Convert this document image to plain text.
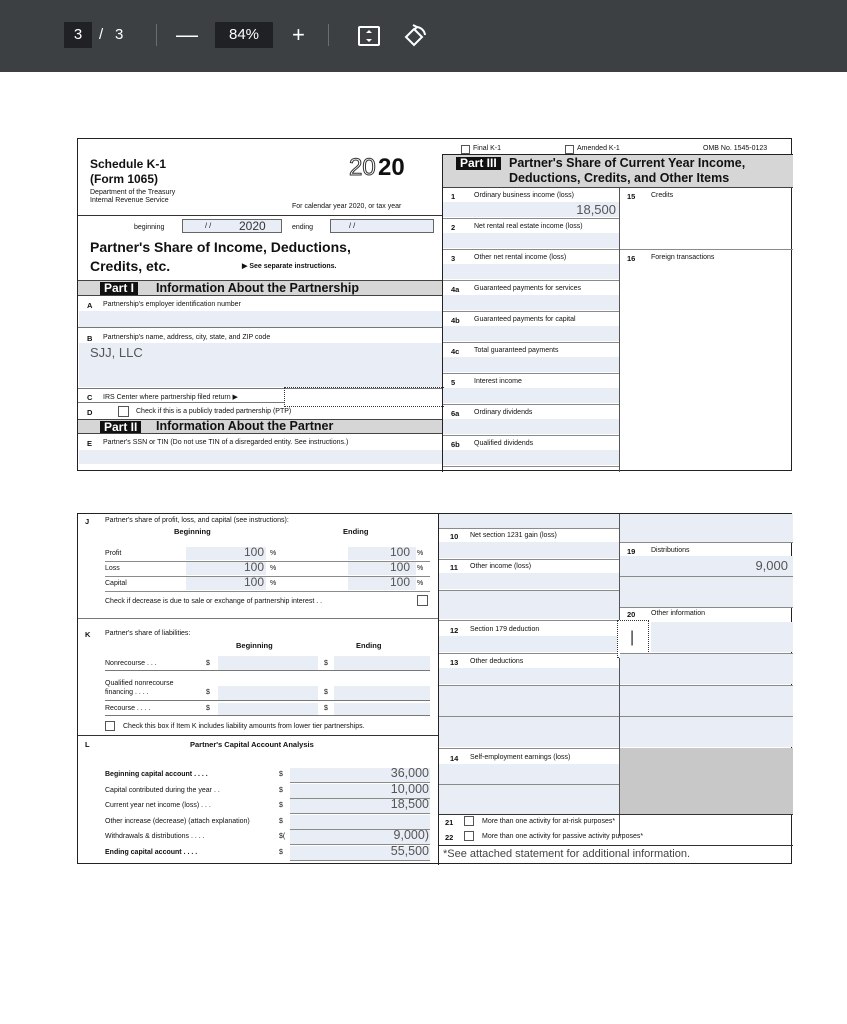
3	/ 3 —	84%	+
Final K-1	Amended K-1	OMB No. 1545-0123
Schedule K-1
(Form 1065)	20 20
Department of the Treasury
Internal Revenue Service
For calendar year 2020, or tax year
beginning	/ / 2020	ending	/ /
Partner's Share of Income, Deductions,
Credits, etc.	▶ See separate instructions.
Part I	Information About the Partnership
A Partnership's employer identification number
B Partnership's name, address, city, state, and ZIP code
SJJ, LLC
C IRS Center where partnership filed return ▶
D	Check if this is a publicly traded partnership (PTP)
Part II	Information About the Partner
E Partner's SSN or TIN (Do not use TIN of a disregarded entity. See instructions.)
Part III Partner's Share of Current Year Income,
Deductions, Credits, and Other Items
15 Credits
16 Foreign transactions
1	Ordinary business income (loss)
18,500
2	Net rental real estate income (loss)
3	Other net rental income (loss)
4a Guaranteed payments for services
4b Guaranteed payments for capital
4c Total guaranteed payments
5	Interest income
6a Ordinary dividends
6b Qualified dividends
J Partner's share of profit, loss, and capital (see instructions):
Beginning	Ending
Check if decrease is due to sale or exchange of partnership interest . .
K Partner's share of liabilities:
Beginning	Ending
Nonrecourse . . .	$	$
Qualified nonrecourse
financing . . . .	$	$
Recourse . . . .	$	$
Check this box if Item K includes liability amounts from lower tier partnerships.
L	Partner's Capital Account Analysis
10 Net section 1231 gain (loss)
11 Other income (loss)
12 Section 179 deduction
13 Other deductions
14 Self-employment earnings (loss)
19 Distributions
9,000
20 Other information
|
21	More than one activity for at-risk purposes*
22	More than one activity for passive activity purposes*
*See attached statement for additional information.
Profit	100 %	100 %
Loss	100 %	100 %
Capital	100 %	100 %
Beginning capital account . . . .	$	36,000
Capital contributed during the year . .	$	10,000
Current year net income (loss) . . .	$	18,500
Other increase (decrease) (attach explanation)	$
Withdrawals & distributions . . . .	$(	9,000)
Ending capital account . . . .	$	55,500
